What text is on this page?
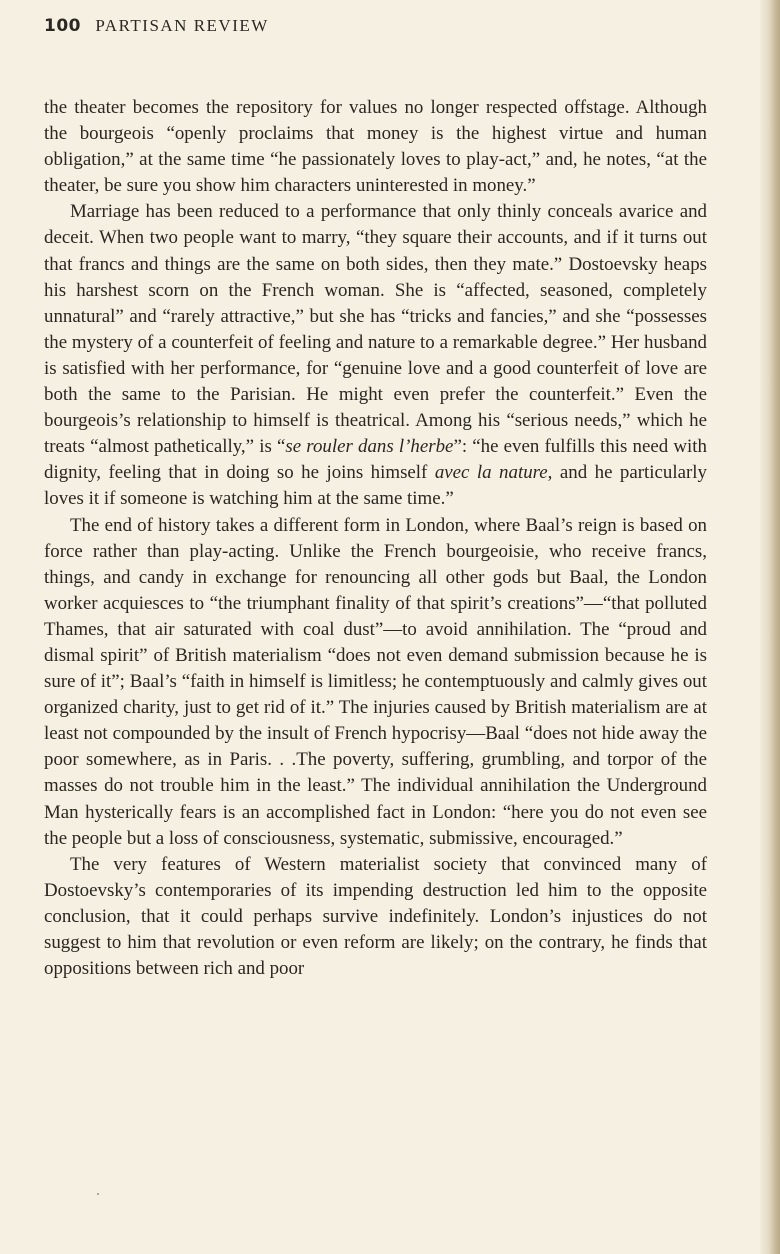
100 PARTISAN REVIEW

the theater becomes the repository for values no longer respected offstage. Although the bourgeois “openly proclaims that money is the highest virtue and human obligation,” at the same time “he passionately loves to play-act,” and, he notes, “at the theater, be sure you show him characters uninterested in money.”

Marriage has been reduced to a performance that only thinly conceals avarice and deceit. When two people want to marry, “they square their accounts, and if it turns out that francs and things are the same on both sides, then they mate.” Dostoevsky heaps his harshest scorn on the French woman. She is “affected, seasoned, completely unnatural” and “rarely attractive,” but she has “tricks and fancies,” and she “possesses the mystery of a counterfeit of feeling and nature to a remarkable degree.” Her husband is satisfied with her performance, for “genuine love and a good counterfeit of love are both the same to the Parisian. He might even prefer the counterfeit.” Even the bourgeois’s relationship to himself is theatrical. Among his “serious needs,” which he treats “almost pathetically,” is “se rouler dans l’herbe”: “he even fulfills this need with dignity, feeling that in doing so he joins himself avec la nature, and he particularly loves it if someone is watching him at the same time.”

The end of history takes a different form in London, where Baal’s reign is based on force rather than play-acting. Unlike the French bourgeoisie, who receive francs, things, and candy in exchange for renouncing all other gods but Baal, the London worker acquiesces to “the triumphant finality of that spirit’s creations”—“that polluted Thames, that air saturated with coal dust”—to avoid annihilation. The “proud and dismal spirit” of British materialism “does not even demand submission because he is sure of it”; Baal’s “faith in himself is limitless; he contemptuously and calmly gives out organized charity, just to get rid of it.” The injuries caused by British materialism are at least not compounded by the insult of French hypocrisy—Baal “does not hide away the poor somewhere, as in Paris. . .The poverty, suffering, grumbling, and torpor of the masses do not trouble him in the least.” The individual annihilation the Underground Man hysterically fears is an accomplished fact in London: “here you do not even see the people but a loss of consciousness, systematic, submissive, encouraged.”

The very features of Western materialist society that convinced many of Dostoevsky’s contemporaries of its impending destruction led him to the opposite conclusion, that it could perhaps survive indefinitely. London’s injustices do not suggest to him that revolution or even reform are likely; on the contrary, he finds that oppositions between rich and poor
